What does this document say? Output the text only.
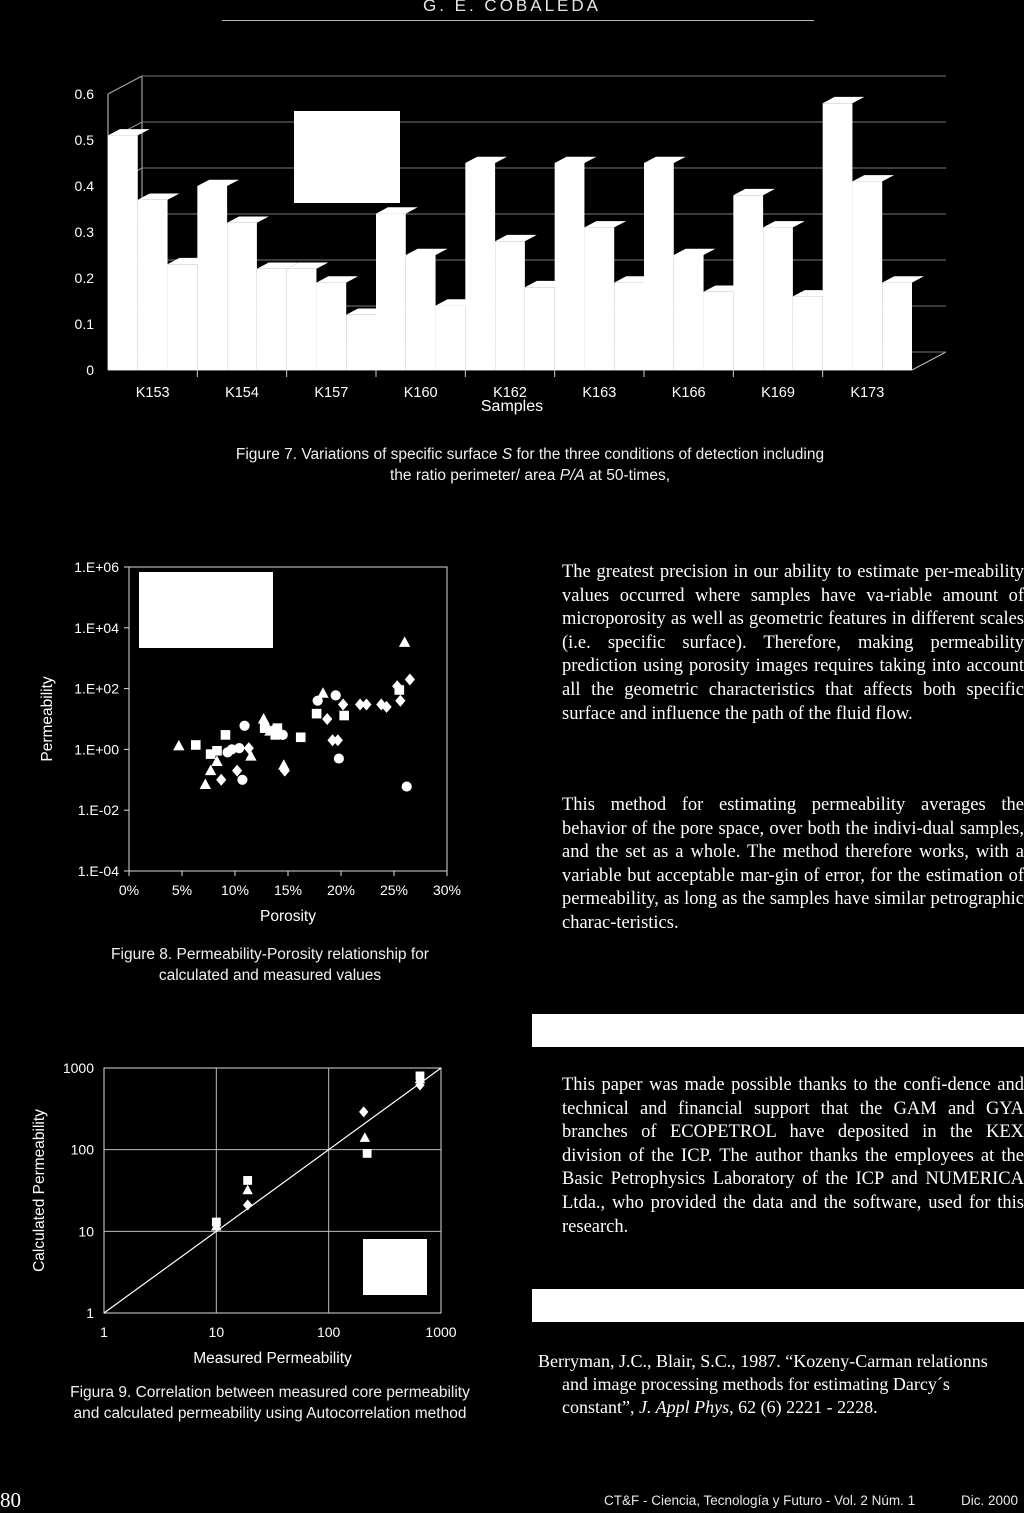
G. E. COBALEDA
0
0.1
0.2
0.3
0.4
0.5
0.6
K153	K154	K157	K160	K162	K163	K166	K169	K173
Samples
Figure 7. Variations of specific surface S for the three conditions of detection including
the ratio perimeter/ area P/A at 50-times,
1.E-04
1.E-02
1.E+00
1.E+02
1.E+04
1.E+06
0% 5% 10% 15% 20% 25% 30%
Porosity
Permeability
Figure 8. Permeability-Porosity relationship for
calculated and measured values
1
10
100
1000
1	10	100	1000
Measured Permeability
Calculated Permeability
Figura 9. Correlation between measured core permeability
and calculated permeability using Autocorrelation method
The greatest precision in our ability to estimate per-meability values occurred where samples have va-riable amount of microporosity as well as geometric features in different scales (i.e. specific surface). Therefore, making permeability prediction using porosity images requires taking into account all the geometric characteristics that affects both specific surface and influence the path of the fluid flow.
This method for estimating permeability averages the behavior of the pore space, over both the indivi-dual samples, and the set as a whole. The method therefore works, with a variable but acceptable mar-gin of error, for the estimation of permeability, as long as the samples have similar petrographic charac-teristics.
This paper was made possible thanks to the confi-dence and technical and financial support that the GAM and GYA branches of ECOPETROL have deposited in the KEX division of the ICP. The author thanks the employees at the Basic Petrophysics Laboratory of the ICP and NUMERICA Ltda., who provided the data and the software, used for this research.
Berryman, J.C., Blair, S.C., 1987. “Kozeny-Carman relationns
and image processing methods for estimating Darcy´s constant”, J. Appl Phys, 62 (6) 2221 - 2228.
80	CT&F - Ciencia, Tecnología y Futuro - Vol. 2 Núm. 1	Dic. 2000
